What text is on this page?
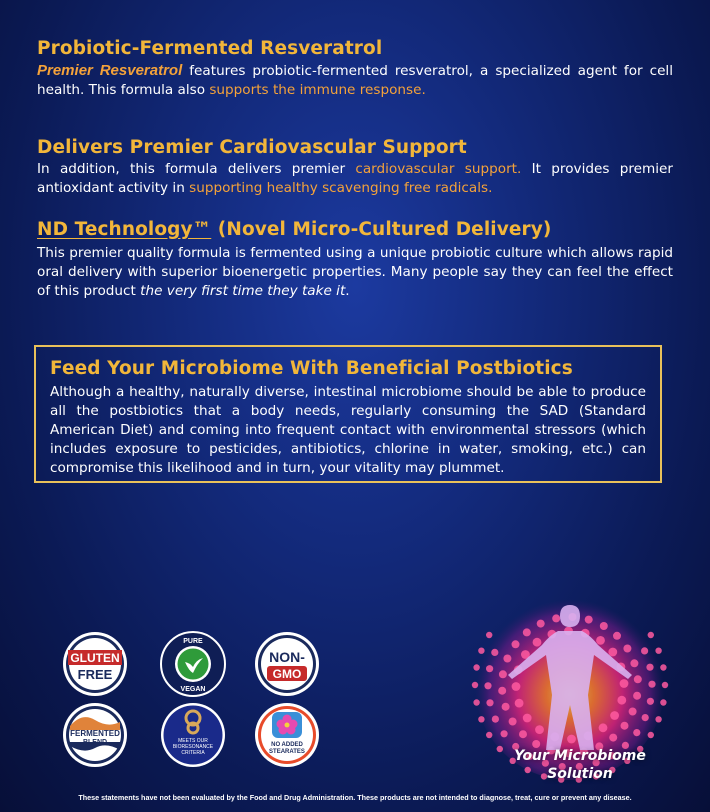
Probiotic-Fermented Resveratrol

Premier Resveratrol features probiotic-fermented resveratrol, a specialized agent for cell health. This formula also supports the immune response.

Delivers Premier Cardiovascular Support

In addition, this formula delivers premier cardiovascular support. It provides premier antioxidant activity in supporting healthy scavenging free radicals.

ND Technology™ (Novel Micro-Cultured Delivery)

This premier quality formula is fermented using a unique probiotic culture which allows rapid oral delivery with superior bioenergetic properties. Many people say they can feel the effect of this product the very first time they take it.

Feed Your Microbiome With Beneficial Postbiotics

Although a healthy, naturally diverse, intestinal microbiome should be able to produce all the postbiotics that a body needs, regularly consuming the SAD (Standard American Diet) and coming into frequent contact with environmental stressors (which includes exposure to pesticides, antibiotics, chlorine in water, smoking, etc.) can compromise this likelihood and in turn, your vitality may plummet.

GLUTEN
FREE
PURE
VEGAN
NON-
GMO
FERMENTED
BLEND	MEETS OUR
BIORESONANCE
CRITERIA
NO ADDED
STEARATES	Your Microbiome
Solution
These statements have not been evaluated by the Food and Drug Administration. These products are not intended to diagnose, treat, cure or prevent any disease.
